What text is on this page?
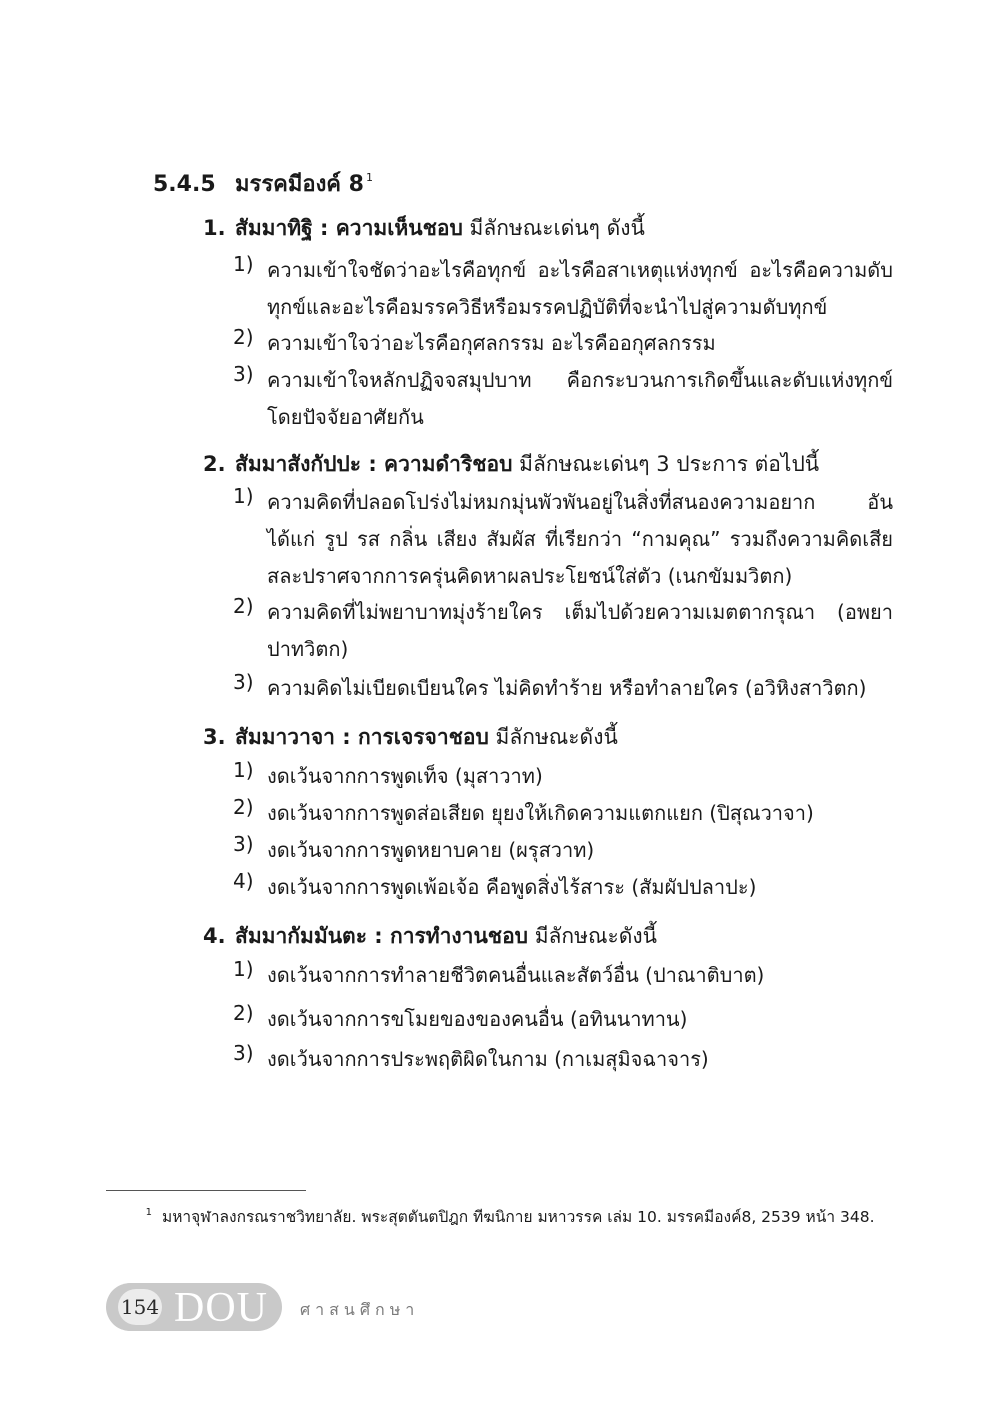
5.4.5 มรรคมีองค์ 8 $^1$
1. สัมมาทิฐิ : ความเห็นชอบ มีลักษณะเด่นๆ ดังนี้
1) ความเข้าใจชัดว่าอะไรคือทุกข์ อะไรคือสาเหตุแห่งทุกข์ อะไรคือความดับทุกข์และอะไรคือมรรควิธีหรือมรรคปฏิบัติที่จะนำไปสู่ความดับทุกข์
2) ความเข้าใจว่าอะไรคือกุศลกรรม อะไรคืออกุศลกรรม
3) ความเข้าใจหลักปฏิจจสมุปบาท คือกระบวนการเกิดขึ้นและดับแห่งทุกข์โดยปัจจัยอาศัยกัน
2. สัมมาสังกัปปะ : ความดำริชอบ มีลักษณะเด่นๆ 3 ประการ ต่อไปนี้
1) ความคิดที่ปลอดโปร่งไม่หมกมุ่นพัวพันอยู่ในสิ่งที่สนองความอยาก อันได้แก่ รูป รส กลิ่น เสียง สัมผัส ที่เรียกว่า “กามคุณ” รวมถึงความคิดเสียสละปราศจากการครุ่นคิดหาผลประโยชน์ใส่ตัว (เนกขัมมวิตก)
2) ความคิดที่ไม่พยาบาทมุ่งร้ายใคร เต็มไปด้วยความเมตตากรุณา (อพยาปาทวิตก)
3) ความคิดไม่เบียดเบียนใคร ไม่คิดทำร้าย หรือทำลายใคร (อวิหิงสาวิตก)
3. สัมมาวาจา : การเจรจาชอบ มีลักษณะดังนี้
1) งดเว้นจากการพูดเท็จ (มุสาวาท)
2) งดเว้นจากการพูดส่อเสียด ยุยงให้เกิดความแตกแยก (ปิสุณวาจา)
3) งดเว้นจากการพูดหยาบคาย (ผรุสวาท)
4) งดเว้นจากการพูดเพ้อเจ้อ คือพูดสิ่งไร้สาระ (สัมผัปปลาปะ)
4. สัมมากัมมันตะ : การทำงานชอบ มีลักษณะดังนี้
1) งดเว้นจากการทำลายชีวิตคนอื่นและสัตว์อื่น (ปาณาติบาต)
2) งดเว้นจากการขโมยของของคนอื่น (อทินนาทาน)
3) งดเว้นจากการประพฤติผิดในกาม (กาเมสุมิจฉาจาร)
1 มหาจุฬาลงกรณราชวิทยาลัย. พระสุตตันตปิฎก ทีฆนิกาย มหาวรรค เล่ม 10. มรรคมีองค์8, 2539 หน้า 348.
154 DOU ศาสนศึกษา
